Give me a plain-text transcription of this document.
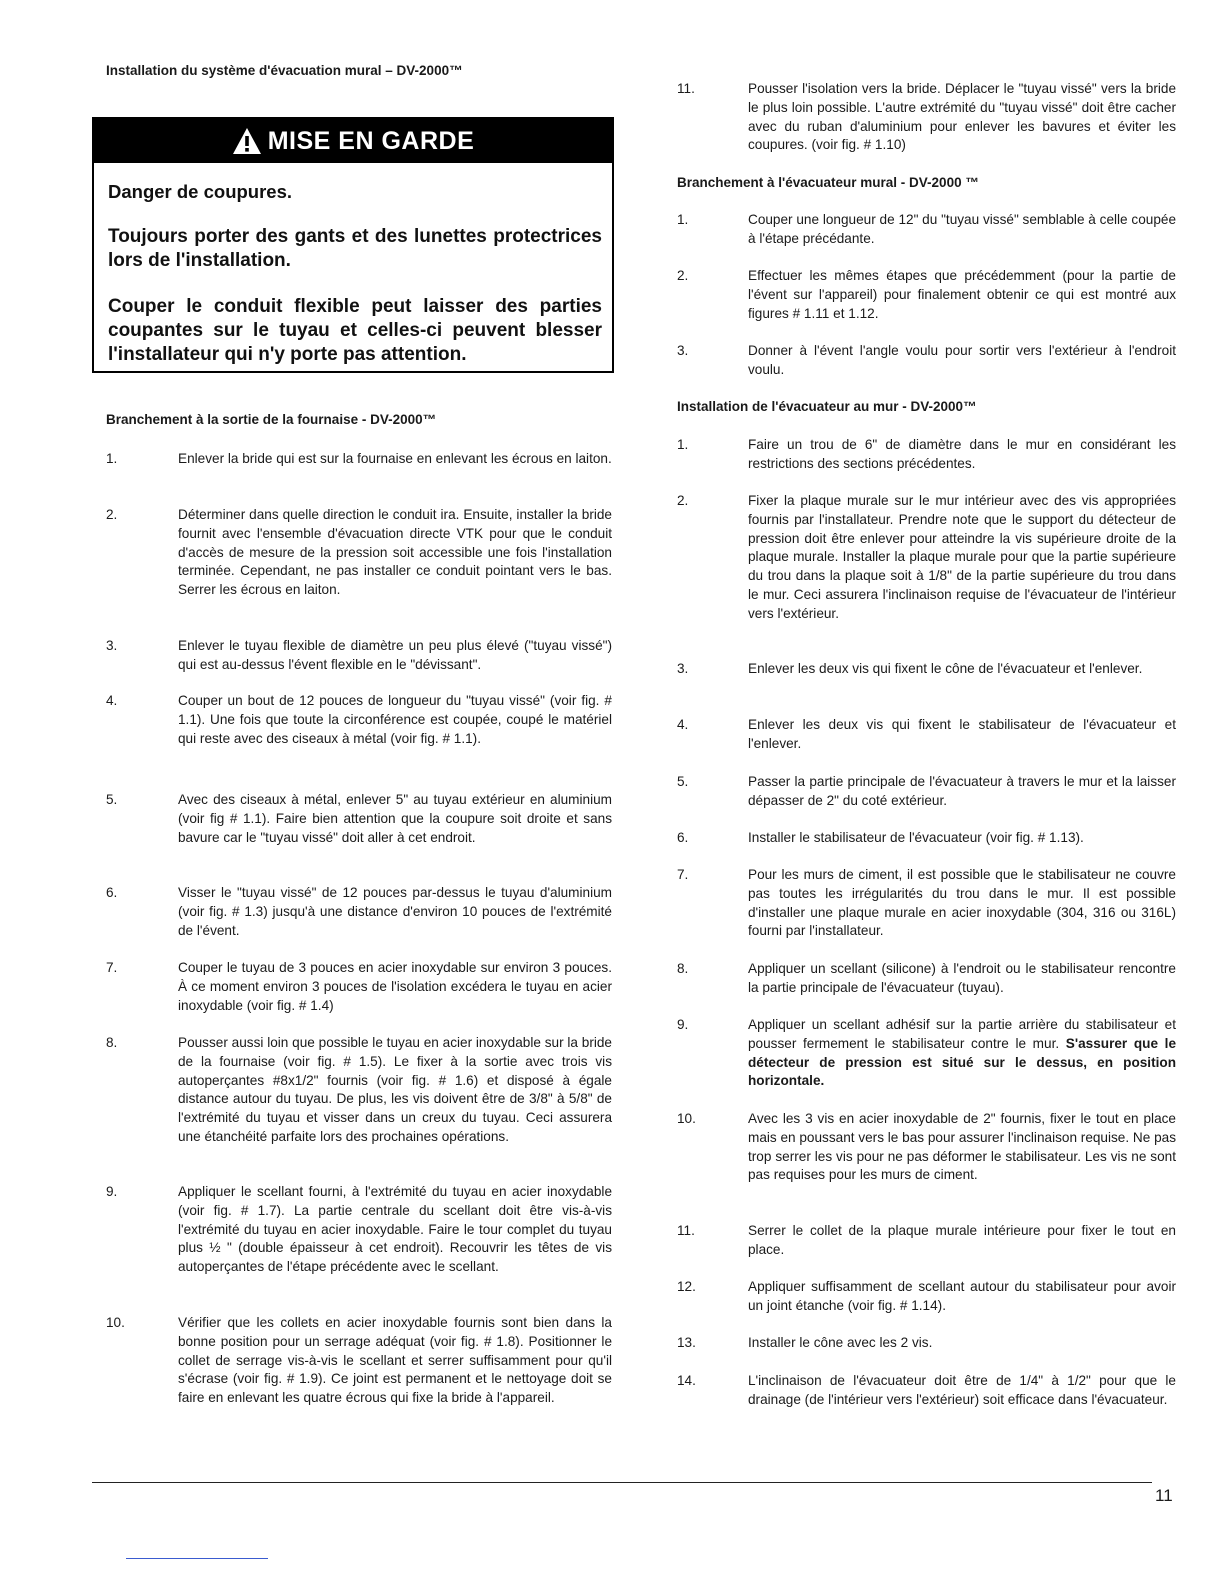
Installation du système d'évacuation mural – DV-2000™
MISE EN GARDE

Danger de coupures.

Toujours porter des gants et des lunettes protectrices lors de l'installation.

Couper le conduit flexible peut laisser des parties coupantes sur le tuyau et celles-ci peuvent blesser l'installateur qui n'y porte pas attention.

Branchement à la sortie de la fournaise - DV-2000™
1.	Enlever la bride qui est sur la fournaise en enlevant les écrous en laiton.
2.	Déterminer dans quelle direction le conduit ira. Ensuite, installer la bride fournit avec l'ensemble d'évacuation directe VTK pour que le conduit d'accès de mesure de la pression soit accessible une fois l'installation terminée. Cependant, ne pas installer ce conduit pointant vers le bas. Serrer les écrous en laiton.
3.	Enlever le tuyau flexible de diamètre un peu plus élevé ("tuyau vissé") qui est au-dessus l'évent flexible en le "dévissant".
4.	Couper un bout de 12 pouces de longueur du "tuyau vissé" (voir fig. # 1.1). Une fois que toute la circonférence est coupée, coupé le matériel qui reste avec des ciseaux à métal (voir fig. # 1.1).
5.	Avec des ciseaux à métal, enlever 5" au tuyau extérieur en aluminium (voir fig # 1.1). Faire bien attention que la coupure soit droite et sans bavure car le "tuyau vissé" doit aller à cet endroit.
6.	Visser le "tuyau vissé" de 12 pouces par-dessus le tuyau d'aluminium (voir fig. # 1.3) jusqu'à une distance d'environ 10 pouces de l'extrémité de l'évent.
7.	Couper le tuyau de 3 pouces en acier inoxydable sur environ 3 pouces. À ce moment environ 3 pouces de l'isolation excédera le tuyau en acier inoxydable (voir fig. # 1.4)
8.	Pousser aussi loin que possible le tuyau en acier inoxydable sur la bride de la fournaise (voir fig. # 1.5). Le fixer à la sortie avec trois vis autoperçantes #8x1/2" fournis (voir fig. # 1.6) et disposé à égale distance autour du tuyau. De plus, les vis doivent être de 3/8" à 5/8" de l'extrémité du tuyau et visser dans un creux du tuyau. Ceci assurera une étanchéité parfaite lors des prochaines opérations.
9.	Appliquer le scellant fourni, à l'extrémité du tuyau en acier inoxydable (voir fig. # 1.7). La partie centrale du scellant doit être vis-à-vis l'extrémité du tuyau en acier inoxydable. Faire le tour complet du tuyau plus ½ " (double épaisseur à cet endroit). Recouvrir les têtes de vis autoperçantes de l'étape précédente avec le scellant.
10.	Vérifier que les collets en acier inoxydable fournis sont bien dans la bonne position pour un serrage adéquat (voir fig. # 1.8). Positionner le collet de serrage vis-à-vis le scellant et serrer suffisamment pour qu'il s'écrase (voir fig. # 1.9). Ce joint est permanent et le nettoyage doit se faire en enlevant les quatre écrous qui fixe la bride à l'appareil.
11.	Pousser l'isolation vers la bride. Déplacer le "tuyau vissé" vers la bride le plus loin possible. L'autre extrémité du "tuyau vissé" doit être cacher avec du ruban d'aluminium pour enlever les bavures et éviter les coupures. (voir fig. # 1.10)
Branchement à l'évacuateur mural - DV-2000 ™
1.	Couper une longueur de 12" du "tuyau vissé" semblable à celle coupée à l'étape précédante.
2.	Effectuer les mêmes étapes que précédemment (pour la partie de l'évent sur l'appareil) pour finalement obtenir ce qui est montré aux figures # 1.11 et 1.12.
3.	Donner à l'évent l'angle voulu pour sortir vers l'extérieur à l'endroit voulu.
Installation de l'évacuateur au mur - DV-2000™
1.	Faire un trou de 6" de diamètre dans le mur en considérant les restrictions des sections précédentes.
2.	Fixer la plaque murale sur le mur intérieur avec des vis appropriées fournis par l'installateur. Prendre note que le support du détecteur de pression doit être enlever pour atteindre la vis supérieure droite de la plaque murale. Installer la plaque murale pour que la partie supérieure du trou dans la plaque soit à 1/8" de la partie supérieure du trou dans le mur. Ceci assurera l'inclinaison requise de l'évacuateur de l'intérieur vers l'extérieur.
3.	Enlever les deux vis qui fixent le cône de l'évacuateur et l'enlever.
4.	Enlever les deux vis qui fixent le stabilisateur de l'évacuateur et l'enlever.
5.	Passer la partie principale de l'évacuateur à travers le mur et la laisser dépasser de 2" du coté extérieur.
6.	Installer le stabilisateur de l'évacuateur (voir fig. # 1.13).
7.	Pour les murs de ciment, il est possible que le stabilisateur ne couvre pas toutes les irrégularités du trou dans le mur. Il est possible d'installer une plaque murale en acier inoxydable (304, 316 ou 316L) fourni par l'installateur.
8.	Appliquer un scellant (silicone) à l'endroit ou le stabilisateur rencontre la partie principale de l'évacuateur (tuyau).
9.	Appliquer un scellant adhésif sur la partie arrière du stabilisateur et pousser fermement le stabilisateur contre le mur. S'assurer que le détecteur de pression est situé sur le dessus, en position horizontale.
10.	Avec les 3 vis en acier inoxydable de 2" fournis, fixer le tout en place mais en poussant vers le bas pour assurer l'inclinaison requise. Ne pas trop serrer les vis pour ne pas déformer le stabilisateur. Les vis ne sont pas requises pour les murs de ciment.
11.	Serrer le collet de la plaque murale intérieure pour fixer le tout en place.
12.	Appliquer suffisamment de scellant autour du stabilisateur pour avoir un joint étanche (voir fig. # 1.14).
13.	Installer le cône avec les 2 vis.
14.	L'inclinaison de l'évacuateur doit être de 1/4" à 1/2" pour que le drainage (de l'intérieur vers l'extérieur) soit efficace dans l'évacuateur.
11
